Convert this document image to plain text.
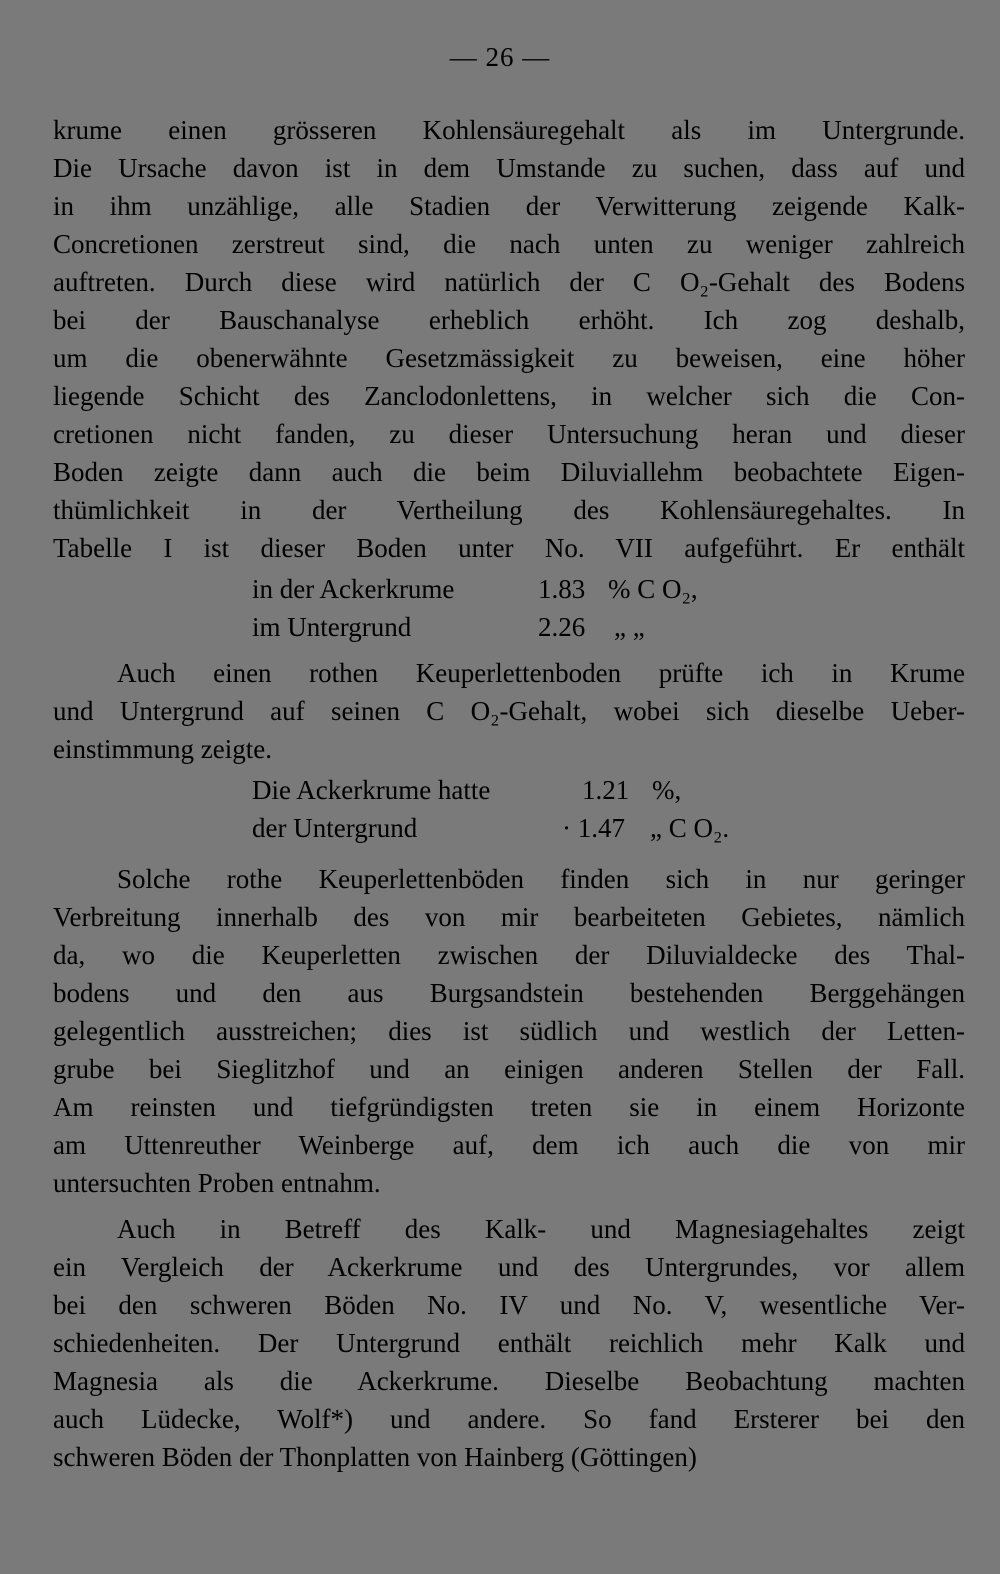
— 26 —
krume einen grösseren Kohlensäuregehalt als im Untergrunde.
Die Ursache davon ist in dem Umstande zu suchen, dass auf und
in ihm unzählige, alle Stadien der Verwitterung zeigende Kalk-
Concretionen zerstreut sind, die nach unten zu weniger zahlreich
auftreten. Durch diese wird natürlich der C O₂-Gehalt des Bodens
bei der Bauschanalyse erheblich erhöht. Ich zog deshalb,
um die obenerwähnte Gesetzmässigkeit zu beweisen, eine höher
liegende Schicht des Zanclodonlettens, in welcher sich die Con-
cretionen nicht fanden, zu dieser Untersuchung heran und dieser
Boden zeigte dann auch die beim Diluviallehm beobachtete Eigen-
thümlichkeit in der Vertheilung des Kohlensäuregehaltes. In
Tabelle I ist dieser Boden unter No. VII aufgeführt. Er enthält
in der Ackerkrume	1.83 % C O₂,
im Untergrund	2.26 „ „
Auch einen rothen Keuperlettenboden prüfte ich in Krume
und Untergrund auf seinen C O₂-Gehalt, wobei sich dieselbe Ueber-
einstimmung zeigte.
Die Ackerkrume hatte	1.21 %,
der Untergrund	· 1.47 „ C O₂.
Solche rothe Keuperlettenböden finden sich in nur geringer
Verbreitung innerhalb des von mir bearbeiteten Gebietes, nämlich
da, wo die Keuperletten zwischen der Diluvialdecke des Thal-
bodens und den aus Burgsandstein bestehenden Berggehängen
gelegentlich ausstreichen; dies ist südlich und westlich der Letten-
grube bei Sieglitzhof und an einigen anderen Stellen der Fall.
Am reinsten und tiefgründigsten treten sie in einem Horizonte
am Uttenreuther Weinberge auf, dem ich auch die von mir
untersuchten Proben entnahm.
Auch in Betreff des Kalk- und Magnesiagehaltes zeigt
ein Vergleich der Ackerkrume und des Untergrundes, vor allem
bei den schweren Böden No. IV und No. V, wesentliche Ver-
schiedenheiten. Der Untergrund enthält reichlich mehr Kalk und
Magnesia als die Ackerkrume. Dieselbe Beobachtung machten
auch Lüdecke, Wolf*) und andere. So fand Ersterer bei den
schweren Böden der Thonplatten von Hainberg (Göttingen)
